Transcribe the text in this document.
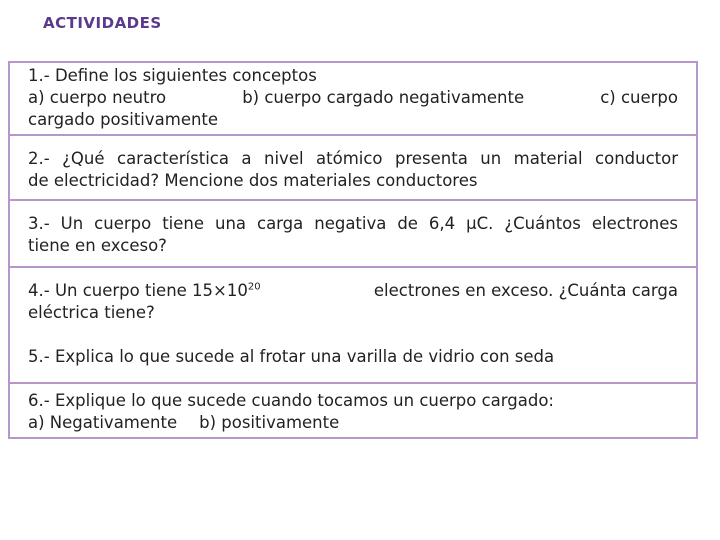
ACTIVIDADES
1.- Define los siguientes conceptos
a) cuerpo neutro	b) cuerpo cargado negativamente	c) cuerpo
cargado positivamente
2.- ¿Qué característica a nivel atómico presenta un material conductor
de electricidad? Mencione dos materiales conductores
3.- Un cuerpo tiene una carga negativa de 6,4 μC. ¿Cuántos electrones
tiene en exceso?
4.- Un cuerpo tiene $15\times 10^{20}$	electrones en exceso. ¿Cuánta carga
eléctrica tiene?
5.- Explica lo que sucede al frotar una varilla de vidrio con seda
6.- Explique lo que sucede cuando tocamos un cuerpo cargado:
a) Negativamente b) positivamente
